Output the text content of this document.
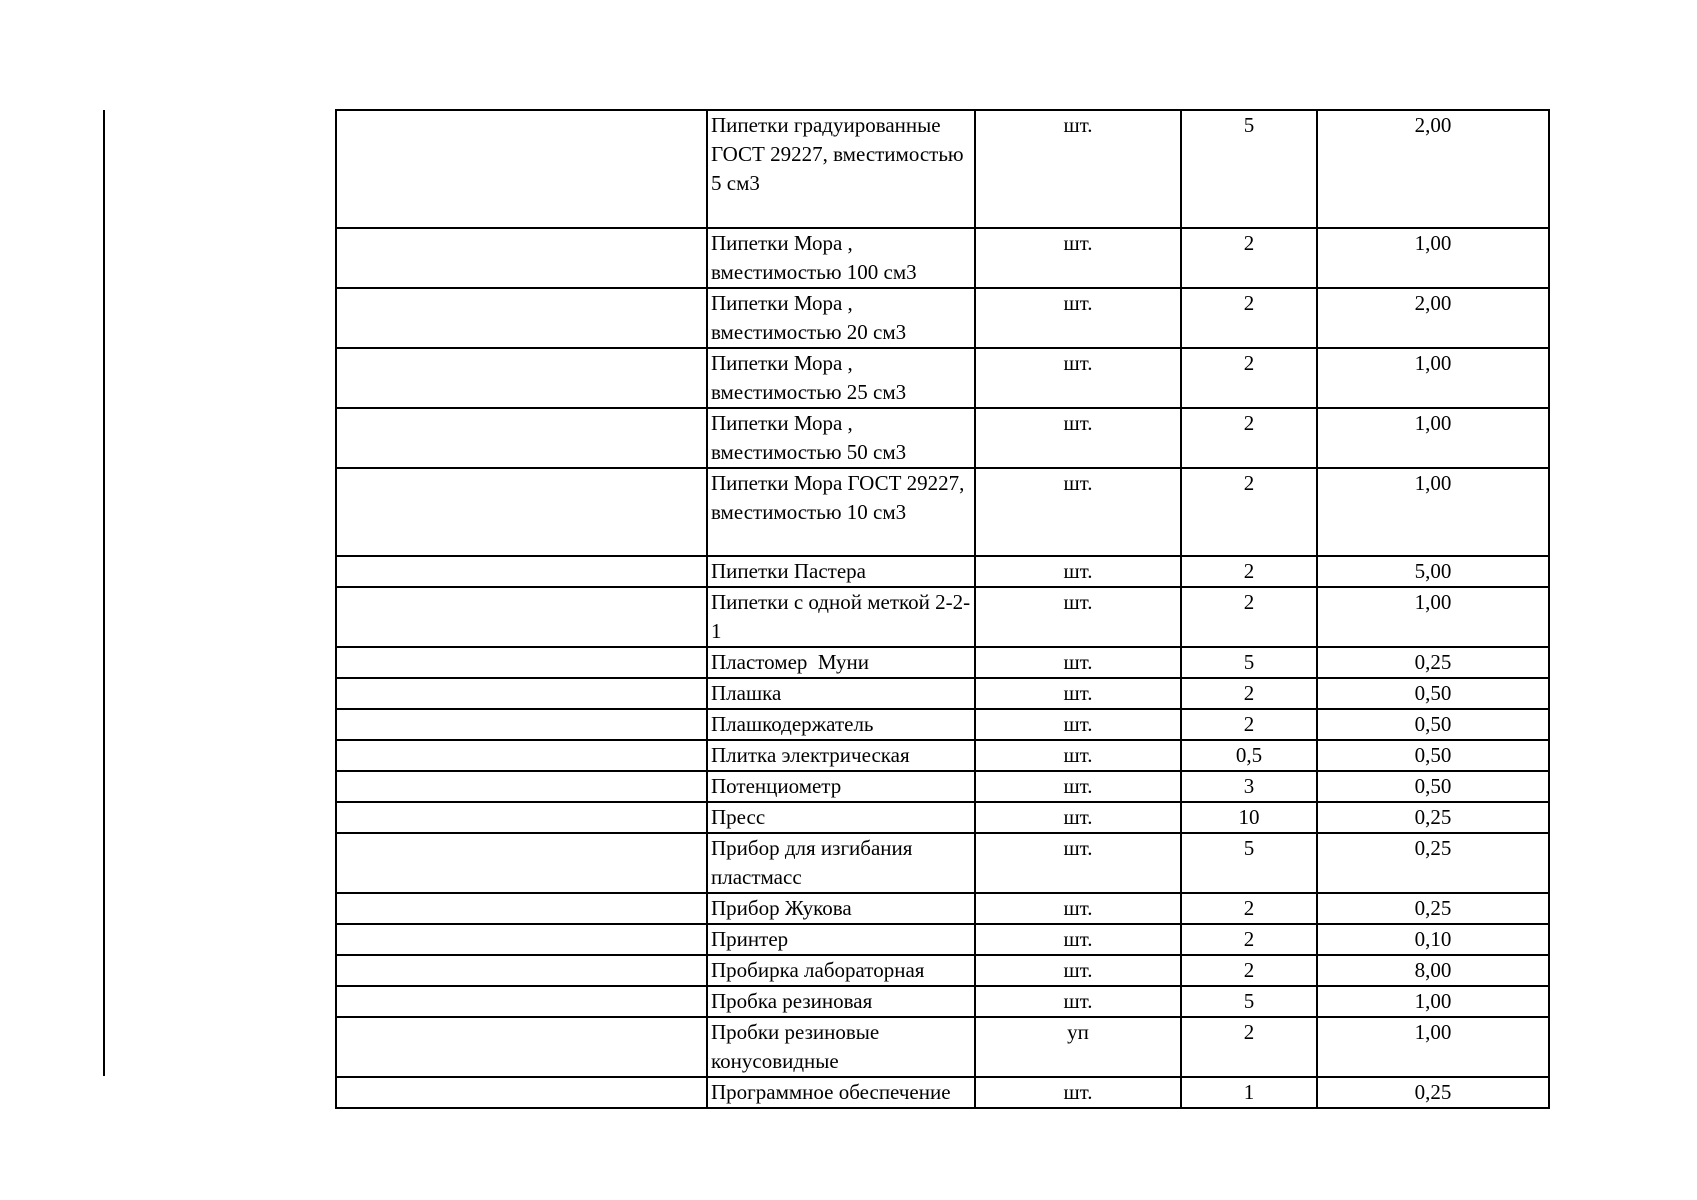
	Пипетки градуированные ГОСТ 29227, вместимостью 5 см3	шт.	5	2,00
	Пипетки Мора , вместимостью 100 см3	шт.	2	1,00
	Пипетки Мора , вместимостью 20 см3	шт.	2	2,00
	Пипетки Мора , вместимостью 25 см3	шт.	2	1,00
	Пипетки Мора , вместимостью 50 см3	шт.	2	1,00
	Пипетки Мора ГОСТ 29227, вместимостью 10 см3	шт.	2	1,00
	Пипетки Пастера	шт.	2	5,00
	Пипетки с одной меткой 2-2-1	шт.	2	1,00
	Пластомер  Муни	шт.	5	0,25
	Плашка	шт.	2	0,50
	Плашкодержатель	шт.	2	0,50
	Плитка электрическая	шт.	0,5	0,50
	Потенциометр	шт.	3	0,50
	Пресс	шт.	10	0,25
	Прибор для изгибания пластмасс	шт.	5	0,25
	Прибор Жукова	шт.	2	0,25
	Принтер	шт.	2	0,10
	Пробирка лабораторная	шт.	2	8,00
	Пробка резиновая	шт.	5	1,00
	Пробки резиновые конусовидные	уп	2	1,00
	Программное обеспечение	шт.	1	0,25
